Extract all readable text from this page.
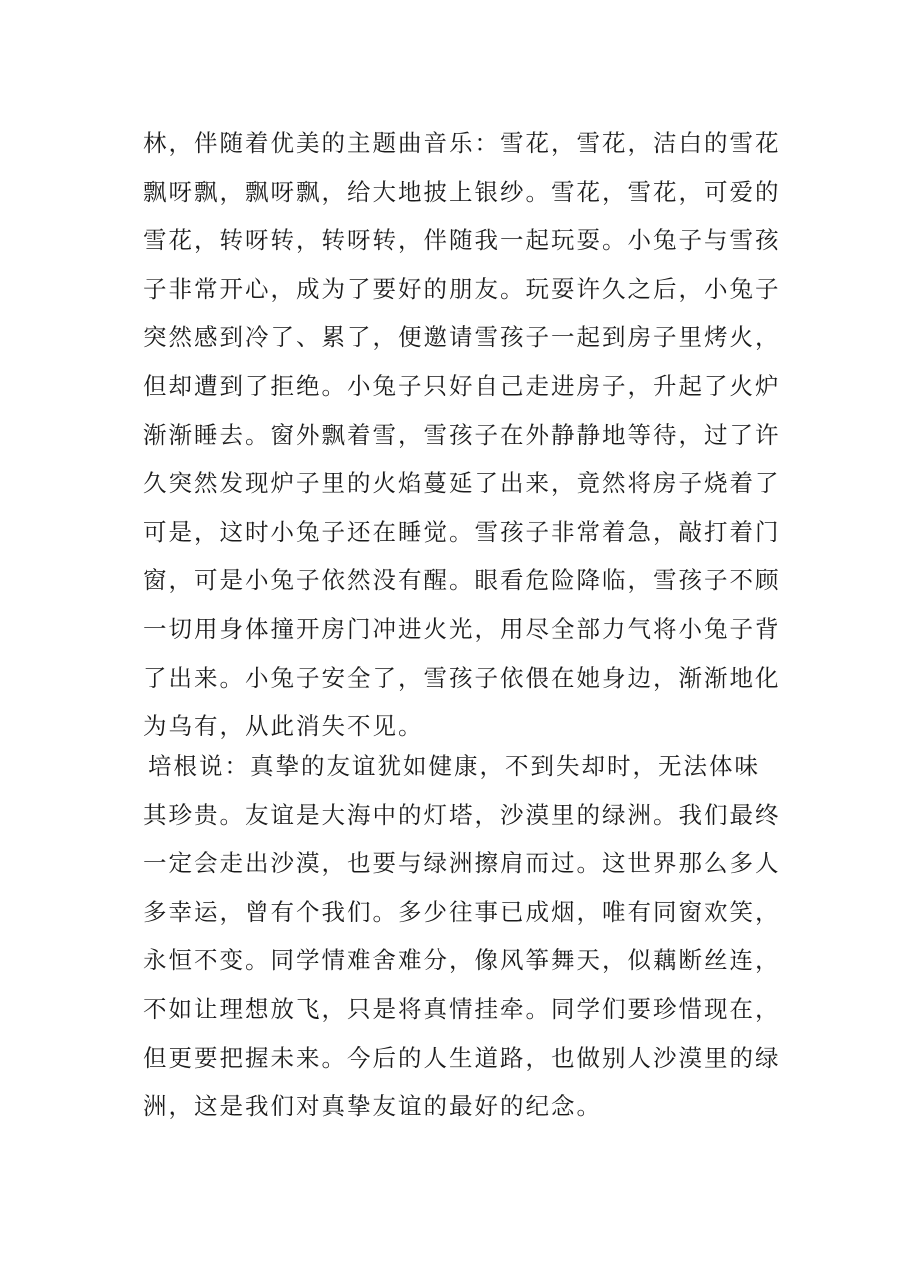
林，伴随着优美的主题曲音乐：雪花，雪花，洁白的雪花
飘呀飘，飘呀飘，给大地披上银纱。雪花，雪花，可爱的
雪花，转呀转，转呀转，伴随我一起玩耍。小兔子与雪孩
子非常开心，成为了要好的朋友。玩耍许久之后，小兔子
突然感到冷了、累了，便邀请雪孩子一起到房子里烤火，
但却遭到了拒绝。小兔子只好自己走进房子，升起了火炉
渐渐睡去。窗外飘着雪，雪孩子在外静静地等待，过了许
久突然发现炉子里的火焰蔓延了出来，竟然将房子烧着了
可是，这时小兔子还在睡觉。雪孩子非常着急，敲打着门
窗，可是小兔子依然没有醒。眼看危险降临，雪孩子不顾
一切用身体撞开房门冲进火光，用尽全部力气将小兔子背
了出来。小兔子安全了，雪孩子依偎在她身边，渐渐地化
为乌有，从此消失不见。
培根说：真挚的友谊犹如健康，不到失却时，无法体味
其珍贵。友谊是大海中的灯塔，沙漠里的绿洲。我们最终
一定会走出沙漠，也要与绿洲擦肩而过。这世界那么多人
多幸运，曾有个我们。多少往事已成烟，唯有同窗欢笑，
永恒不变。同学情难舍难分，像风筝舞天，似藕断丝连，
不如让理想放飞，只是将真情挂牵。同学们要珍惜现在，
但更要把握未来。今后的人生道路，也做别人沙漠里的绿
洲，这是我们对真挚友谊的最好的纪念。
